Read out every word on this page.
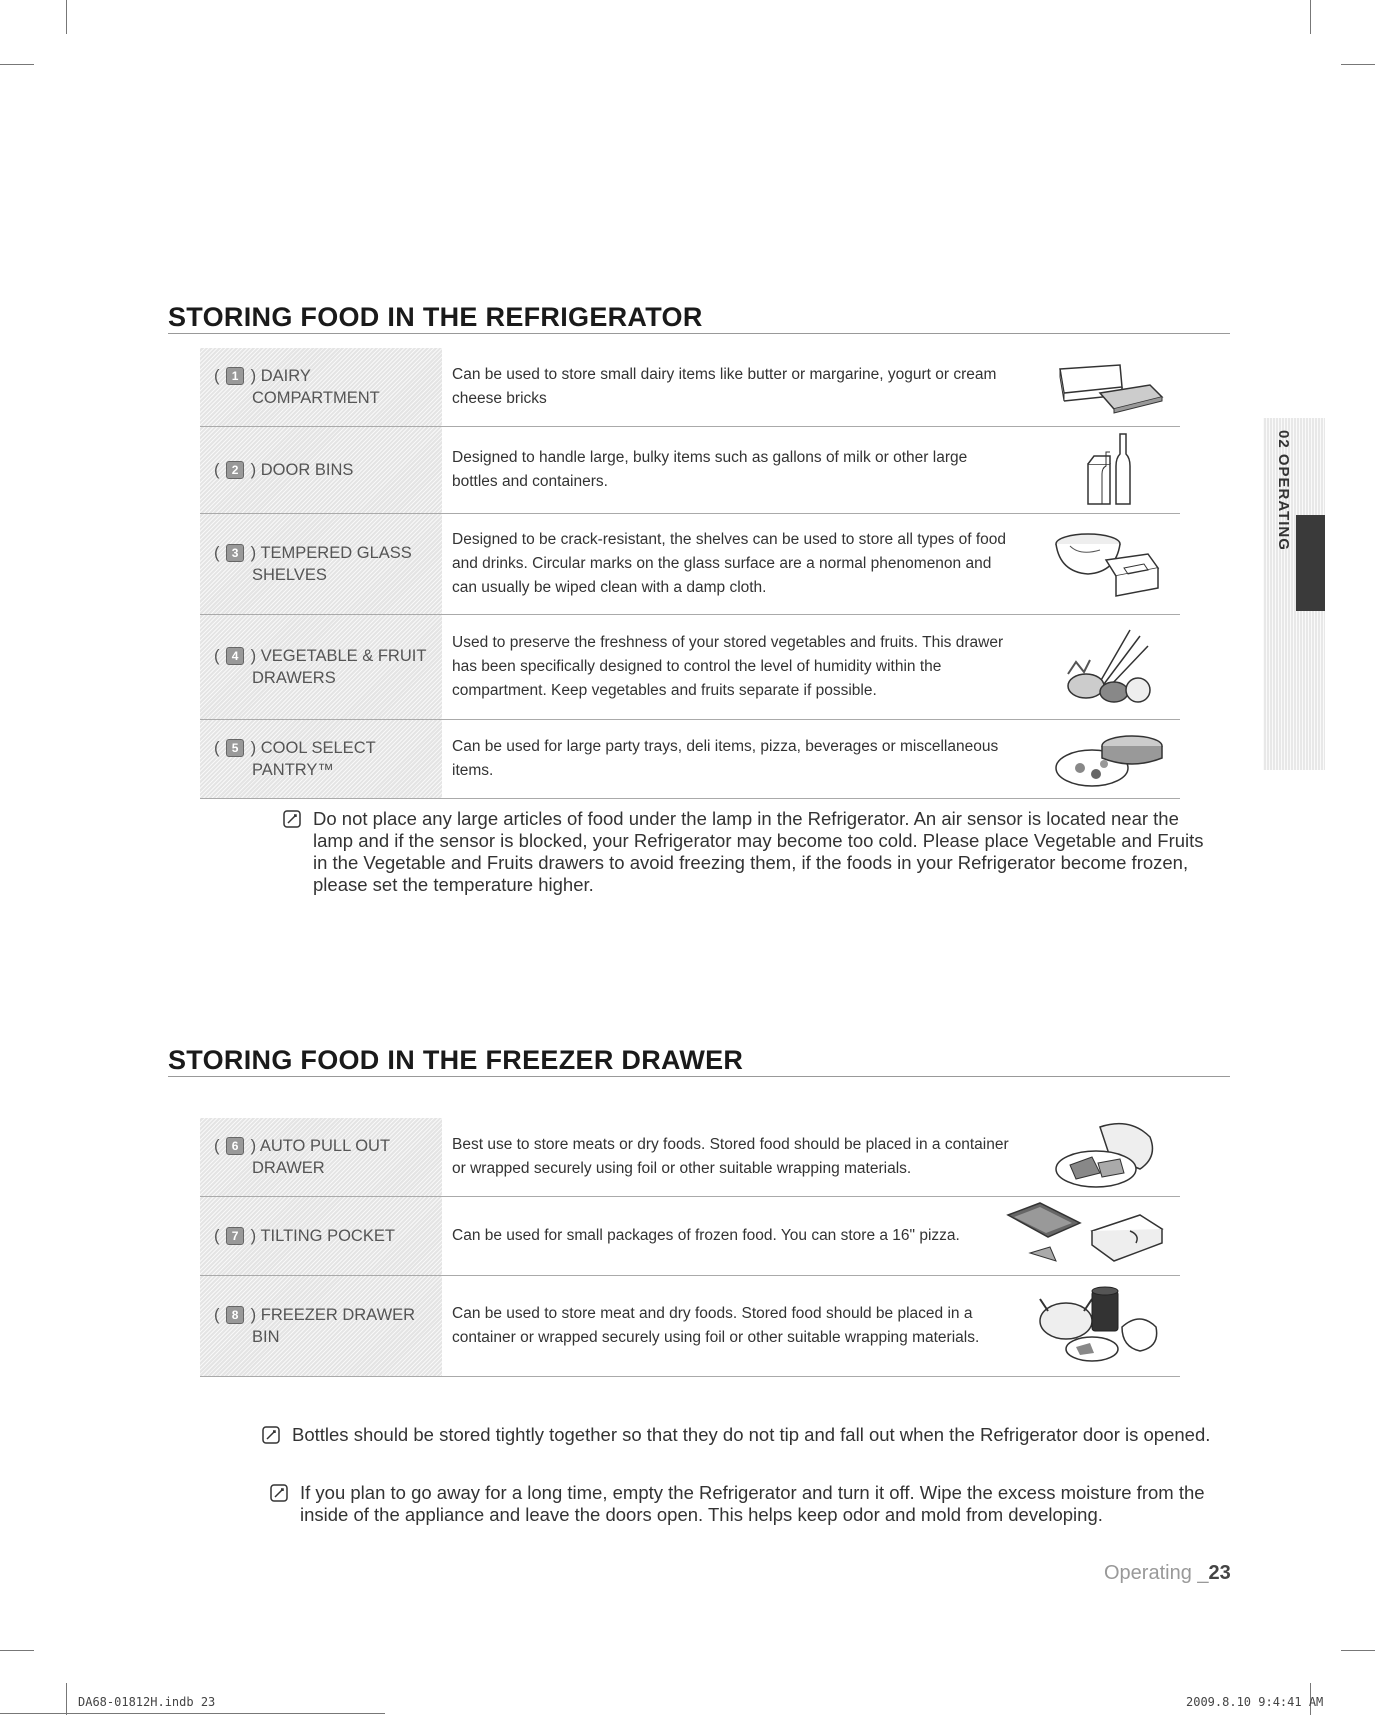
STORING FOOD IN THE REFRIGERATOR
( 1 ) DAIRY
COMPARTMENT
Can be used to store small dairy items like butter or margarine, yogurt or cream cheese bricks
( 2 ) DOOR BINS
Designed to handle large, bulky items such as gallons of milk or other large bottles and containers.
( 3 ) TEMPERED GLASS
SHELVES
Designed to be crack-resistant, the shelves can be used to store all types of food and drinks. Circular marks on the glass surface are a normal phenomenon and can usually be wiped clean with a damp cloth.
( 4 ) VEGETABLE & FRUIT
DRAWERS
Used to preserve the freshness of your stored vegetables and fruits. This drawer has been specifically designed to control the level of humidity within the compartment. Keep vegetables and fruits separate if possible.
( 5 ) COOL SELECT
PANTRY™
Can be used for large party trays, deli items, pizza, beverages or miscellaneous items.
Do not place any large articles of food under the lamp in the Refrigerator. An air sensor is located near the lamp and if the sensor is blocked, your Refrigerator may become too cold. Please place Vegetable and Fruits in the Vegetable and Fruits drawers to avoid freezing them, if the foods in your Refrigerator become frozen, please set the temperature higher.
STORING FOOD IN THE FREEZER DRAWER
( 6 ) AUTO PULL OUT
DRAWER
Best use to store meats or dry foods. Stored food should be placed in a container or wrapped securely using foil or other suitable wrapping materials.
( 7 ) TILTING POCKET	Can be used for small packages of frozen food. You can store a 16" pizza.
( 8 ) FREEZER DRAWER
BIN
Can be used to store meat and dry foods. Stored food should be placed in a container or wrapped securely using foil or other suitable wrapping materials.
Bottles should be stored tightly together so that they do not tip and fall out when the Refrigerator door is opened.
If you plan to go away for a long time, empty the Refrigerator and turn it off. Wipe the excess moisture from the inside of the appliance and leave the doors open. This helps keep odor and mold from developing.
02 OPERATING
Operating _23
DA68-01812H.indb 23	2009.8.10 9:4:41 AM
